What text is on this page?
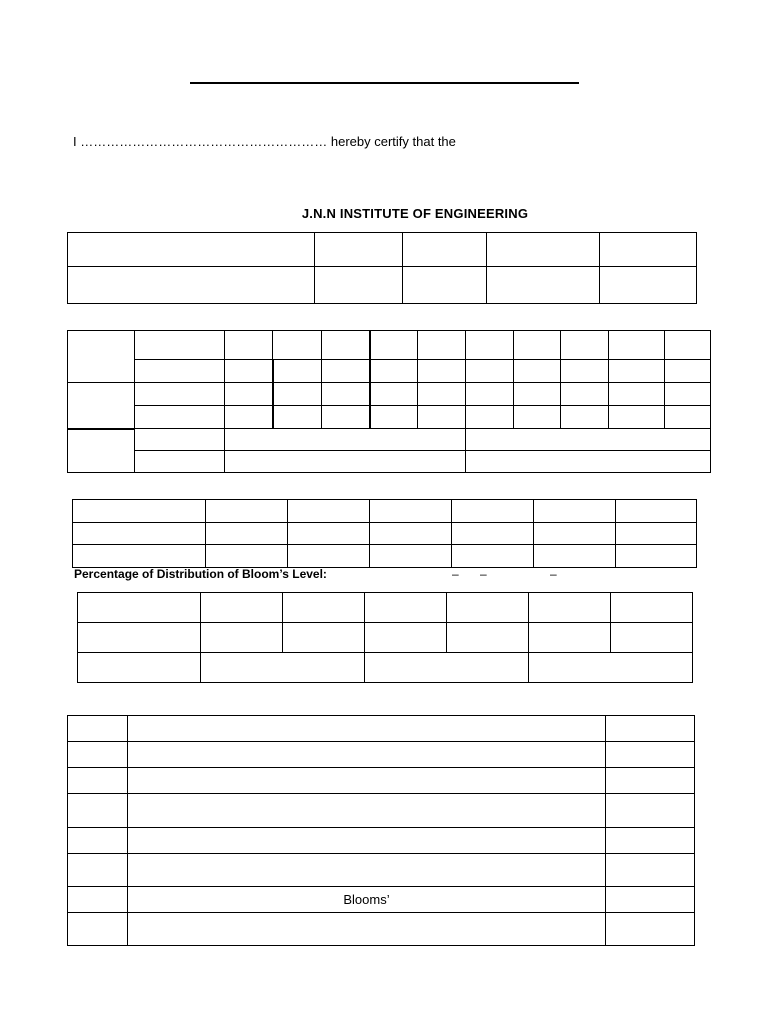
I ………………………………………………… hereby certify that the
J.N.N INSTITUTE OF ENGINEERING

Percentage of Distribution of Bloom’s Level:	– –	–

	Blooms’	
